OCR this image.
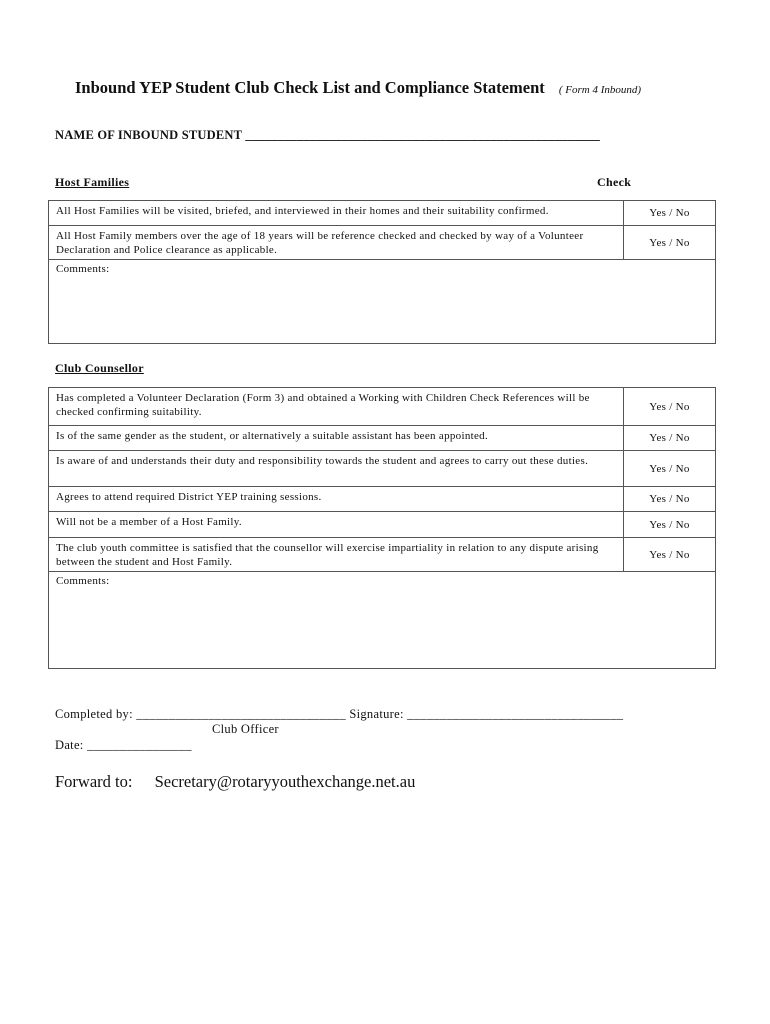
Inbound YEP Student Club Check List and Compliance Statement ( Form 4 Inbound)
NAME OF INBOUND STUDENT _______________________________________________________
Host Families	Check
All Host Families will be visited, briefed, and interviewed in their homes and their suitability confirmed.	Yes / No
All Host Family members over the age of 18 years will be reference checked and checked by way of a Volunteer Declaration and Police clearance as applicable.	Yes / No
Comments:	
Club Counsellor
Has completed a Volunteer Declaration (Form 3) and obtained a Working with Children Check References will be checked confirming suitability.	Yes / No
Is of the same gender as the student, or alternatively a suitable assistant has been appointed.	Yes / No
Is aware of and understands their duty and responsibility towards the student and agrees to carry out these duties.	Yes / No
Agrees to attend required District YEP training sessions.	Yes / No
Will not be a member of a Host Family.	Yes / No
The club youth committee is satisfied that the counsellor will exercise impartiality in relation to any dispute arising between the student and Host Family.	Yes / No
Comments:	
Completed by: ________________________________ Signature: _________________________________
Club Officer
Date: ________________
Forward to: Secretary@rotaryyouthexchange.net.au
